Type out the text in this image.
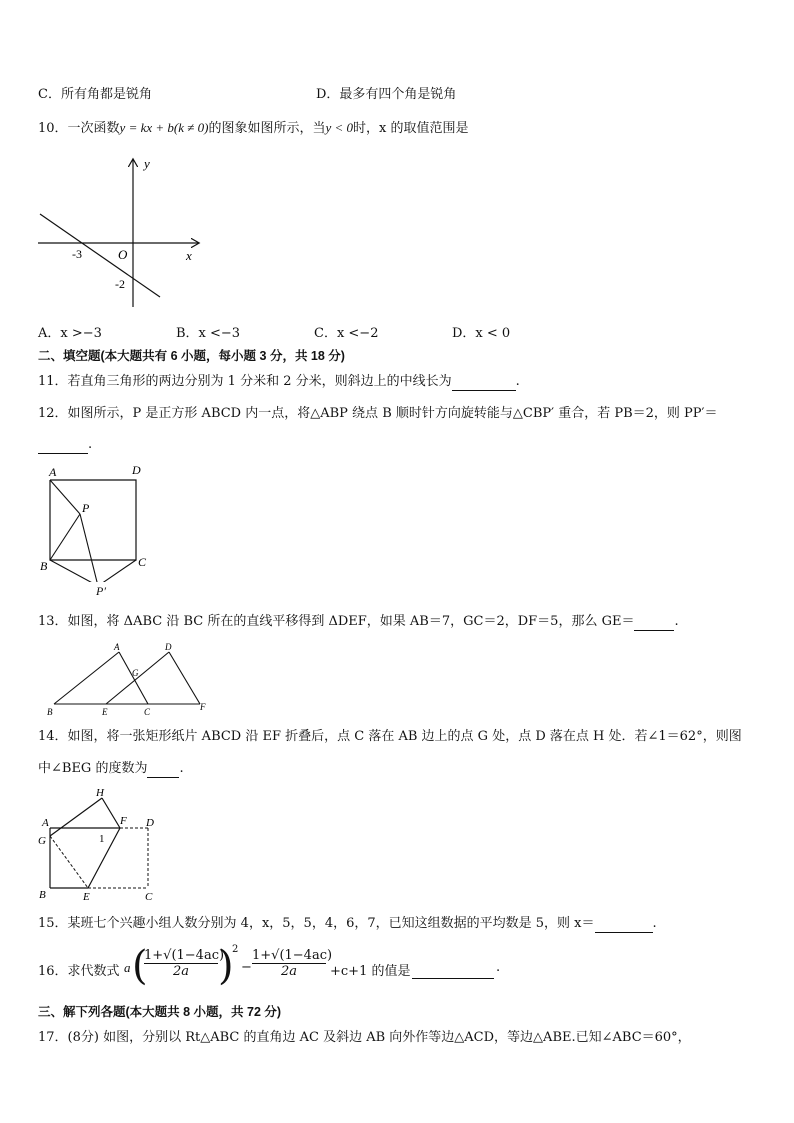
C．所有角都是锐角	D．最多有四个角是锐角
10．一次函数y = kx + b(k ≠ 0)的图象如图所示，当y < 0时，x 的取值范围是
y
x
O
-3
-2
A．x >−3	B．x <−3	C．x <−2	D．x < 0
二、填空题(本大题共有 6 小题，每小题 3 分，共 18 分)
11．若直角三角形的两边分别为 1 分米和 2 分米，则斜边上的中线长为	.
12．如图所示，P 是正方形 ABCD 内一点，将△ABP 绕点 B 顺时针方向旋转能与△CBP′ 重合，若 PB＝2，则 PP′＝
.
A	D
P
B	C
P′
13．如图，将 ΔABC 沿 BC 所在的直线平移得到 ΔDEF，如果 AB＝7，GC＝2，DF＝5，那么 GE＝	.
A	D
G
B	E	C	F
14．如图，将一张矩形纸片 ABCD 沿 EF 折叠后，点 C 落在 AB 边上的点 G 处，点 D 落在点 H 处．若∠1＝62°，则图
中∠BEG 的度数为 .
H
A	F D
G	1
B	E	C
15．某班七个兴趣小组人数分别为 4，x，5，5，4，6，7，已知这组数据的平均数是 5，则 x＝	.
16．求代数式 a (
1+√(1−4ac)
2a )
2
−
1+√(1−4ac)
2a	+c+1 的值是	.
三、解下列各题(本大题共 8 小题，共 72 分)
17．(8分) 如图，分别以 Rt△ABC 的直角边 AC 及斜边 AB 向外作等边△ACD，等边△ABE.已知∠ABC＝60°，
